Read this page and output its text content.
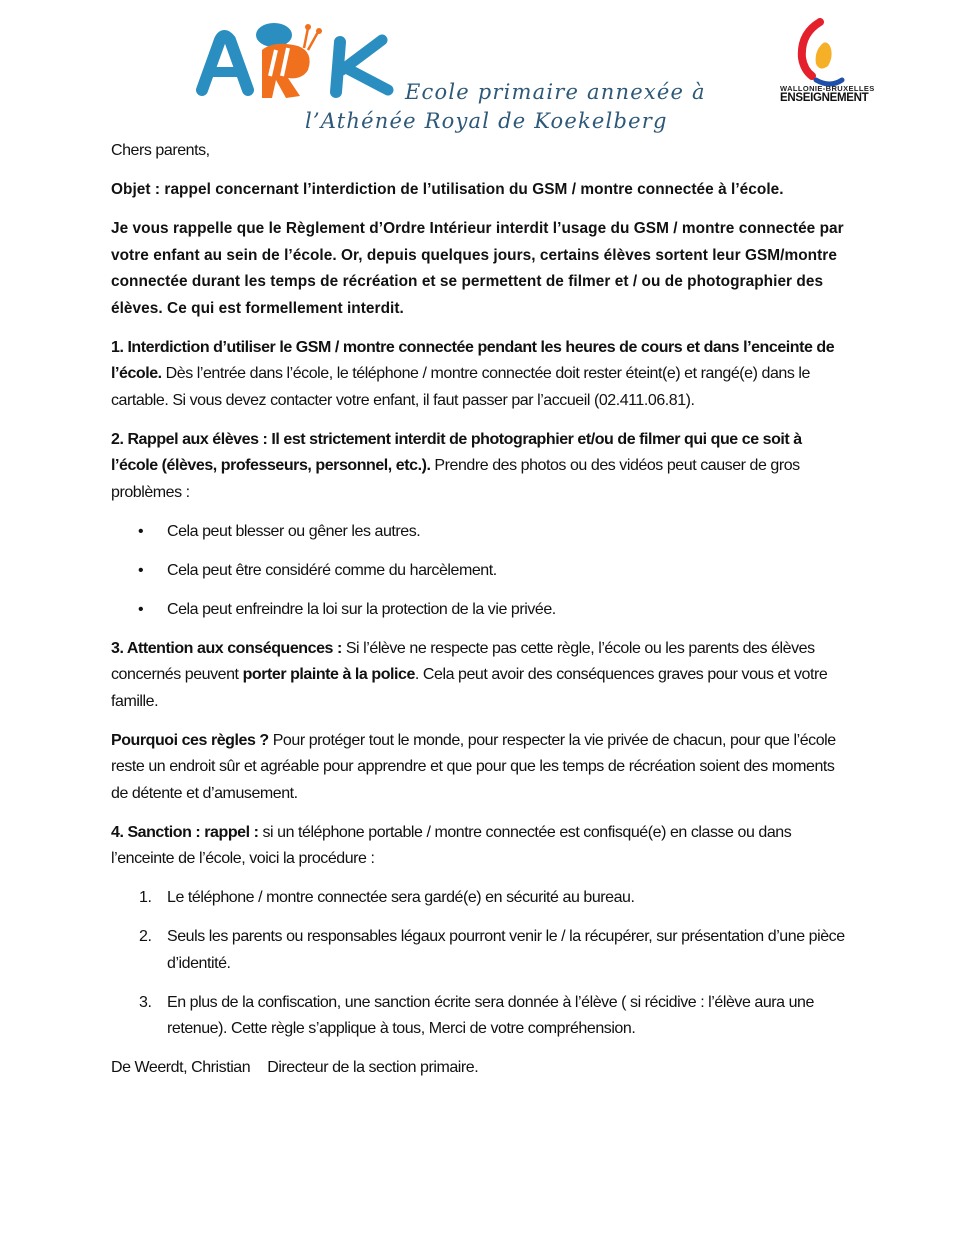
Ecole primaire annexée à
l’Athénée Royal de Koekelberg
WALLONIE-BRUXELLES
ENSEIGNEMENT

Chers parents,

Objet : rappel concernant l’interdiction de l’utilisation du GSM / montre connectée à l’école.

Je vous rappelle que le Règlement d’Ordre Intérieur interdit l’usage du GSM / montre connectée par votre enfant au sein de l’école. Or, depuis quelques jours, certains élèves sortent leur GSM/montre connectée durant les temps de récréation et se permettent de filmer et / ou de photographier des élèves. Ce qui est formellement interdit.

1. Interdiction d’utiliser le GSM / montre connectée pendant les heures de cours et dans l’enceinte de l’école. Dès l’entrée dans l’école, le téléphone / montre connectée doit rester éteint(e) et rangé(e) dans le cartable. Si vous devez contacter votre enfant, il faut passer par l’accueil (02.411.06.81).

2. Rappel aux élèves : Il est strictement interdit de photographier et/ou de filmer qui que ce soit à l’école (élèves, professeurs, personnel, etc.). Prendre des photos ou des vidéos peut causer de gros problèmes :

• Cela peut blesser ou gêner les autres.
• Cela peut être considéré comme du harcèlement.
• Cela peut enfreindre la loi sur la protection de la vie privée.

3. Attention aux conséquences : Si l’élève ne respecte pas cette règle, l’école ou les parents des élèves concernés peuvent porter plainte à la police. Cela peut avoir des conséquences graves pour vous et votre famille.

Pourquoi ces règles ? Pour protéger tout le monde, pour respecter la vie privée de chacun, pour que l’école reste un endroit sûr et agréable pour apprendre et que pour que les temps de récréation soient des moments de détente et d’amusement.

4. Sanction : rappel : si un téléphone portable / montre connectée est confisqué(e) en classe ou dans l’enceinte de l’école, voici la procédure :

1. Le téléphone / montre connectée sera gardé(e) en sécurité au bureau.
2. Seuls les parents ou responsables légaux pourront venir le / la récupérer, sur présentation d’une pièce d’identité.
3. En plus de la confiscation, une sanction écrite sera donnée à l’élève ( si récidive : l’élève aura une retenue). Cette règle s’applique à tous, Merci de votre compréhension.

De Weerdt, Christian Directeur de la section primaire.
